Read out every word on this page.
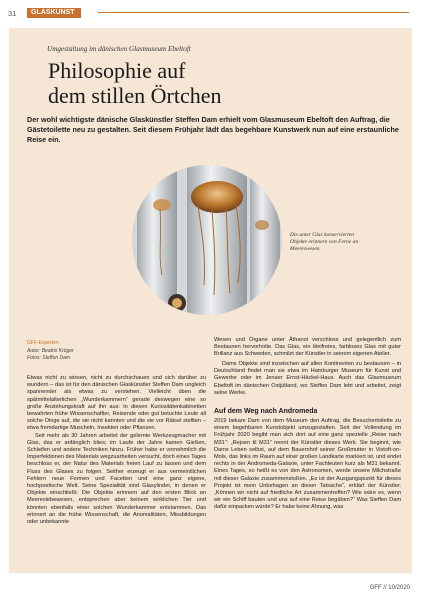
31	GLASKUNST
Umgestaltung im dänischen Glasmuseum Ebeltoft
Philosophie auf
dem stillen Örtchen
Der wohl wichtigste dänische Glaskünstler Steffen Dam erhielt vom Glasmuseum Ebeltoft den Auftrag, die Gästetoilette neu zu gestalten. Seit diesem Frühjahr lädt das begehbare Kunstwerk nun auf eine erstaunliche Reise ein.
Die unter Glas konservierten Objekte erinnern von Ferne an Meereswesen.
GFF-Experten
Autor: Beatrix Krüger
Fotos: Steffen Dam

Etwas nicht zu wissen, nicht zu durchschauen und sich darüber zu wundern – das ist für den dänischen Glaskünstler Steffen Dam ungleich spannender als etwas zu verstehen. Vielleicht üben die spätmittelalterlichen „Wunderkammern“ gerade deswegen eine so große Anziehungskraft auf ihn aus: In diesen Kuriositätenkabinetten bewahrten frühe Wissenschaftler, Reisende oder gut betuchte Leute all solche Dinge auf, die sie nicht kannten und die sie vor Rätsel stellten – etwa fremdartige Muscheln, Insekten oder Pflanzen.

Seit mehr als 30 Jahren arbeitet der gelernte Werkzeugmacher mit Glas, das er anfänglich blies; im Laufe der Jahre kamen Gießen, Schleifen und andere Techniken hinzu. Früher habe er vornehmlich die Imperfektionen des Materials wegzuarbeiten versucht, doch eines Tages beschloss er, der Natur des Materials freien Lauf zu lassen und dem Fluss des Glases zu folgen. Seither erzeugt er aus vermeintlichen Fehlern neue Formen und Facetten und eine ganz eigene, hochpoetische Welt. Seine Spezialität sind Glasylinder, in denen er Objekte einschließt. Die Objekte erinnern auf den ersten Blick an Meereslebewesen, entsprechen aber keinem wirklichen Tier und könnten ebenfalls einer solchen Wunderkammer entstammen. Das erinnert an die frühe Wissenschaft, die Anomalitäten, Missbildungen oder unbekannte

Wesen und Organe unter Äthanol verschloss und gelegentlich zum Bestaunen hervorholte. Das Glas, ein bleifreies, farbloses Glas mit guter Brillanz aus Schweden, schmilzt der Künstler in seinem eigenen Atelier.

Dams Objekte sind inzwischen auf allen Kontinenten zu bestaunen – in Deutschland findet man sie etwa im Hamburger Museum für Kunst und Gewerbe oder im Jenaer Ernst-Häckel-Haus. Auch das Glasmuseum Ebeltoft im dänischen Ostjütland, wo Steffen Dam lebt und arbeitet, zeigt seine Werke.

Auf dem Weg nach Andromeda

2019 bekam Dam von dem Museum den Auftrag, die Besuchertoilette zu einem begehbaren Kunstobjekt umzugestalten. Seit der Vollendung im Frühjahr 2020 begibt man sich dort auf eine ganz spezielle „Reise nach M31“: „Rejsen til M31“ nennt der Künstler dieses Werk. Sie beginnt, wie Dams Leben selbst, auf dem Bauernhof seiner Großmutter in Vistoft-on-Mols, das links im Raum auf einer großen Landkarte markiert ist, und endet rechts in der Andromeda-Galaxie, unter Fachleuten kurz als M31 bekannt. Eines Tages, so heißt es von den Astronomen, werde unsere Milchstraße mit dieser Galaxie zusammenstoßen. „Es ist der Ausgangspunkt für dieses Projekt ist mein Unbehagen an dieser Tatsache“, erklärt der Künstler. „Können wir nicht auf friedliche Art zusammentreffen? Wie wäre es, wenn wir ein Schiff bauten und uns auf eine Reise begäben?“ Was Steffen Dam dafür einpacken würde? Er habe keine Ahnung, was

GFF // 10/2020
